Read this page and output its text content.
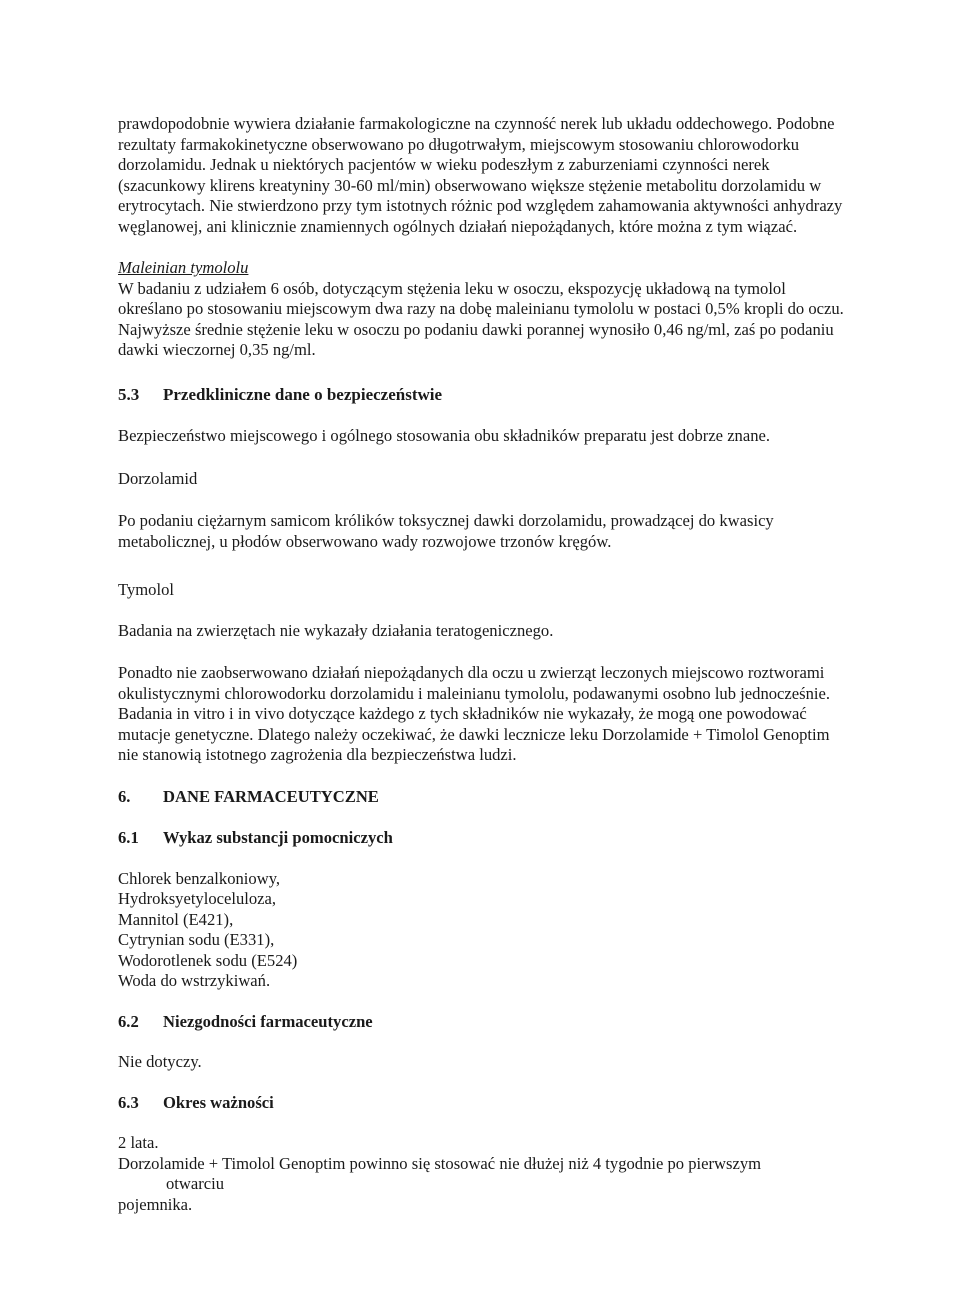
prawdopodobnie wywiera działanie farmakologiczne na czynność nerek lub układu oddechowego. Podobne rezultaty farmakokinetyczne obserwowano po długotrwałym, miejscowym stosowaniu chlorowodorku dorzolamidu. Jednak u niektórych pacjentów w wieku podeszłym z zaburzeniami czynności nerek (szacunkowy klirens kreatyniny 30-60 ml/min) obserwowano większe stężenie metabolitu dorzolamidu w erytrocytach. Nie stwierdzono przy tym istotnych różnic pod względem zahamowania aktywności anhydrazy węglanowej, ani klinicznie znamiennych ogólnych działań niepożądanych, które można z tym wiązać.

Maleinian tymololu

W badaniu z udziałem 6 osób, dotyczącym stężenia leku w osoczu, ekspozycję układową na tymolol określano po stosowaniu miejscowym dwa razy na dobę maleinianu tymololu w postaci 0,5% kropli do oczu. Najwyższe średnie stężenie leku w osoczu po podaniu dawki porannej wynosiło 0,46 ng/ml, zaś po podaniu dawki wieczornej 0,35 ng/ml.

5.3	Przedkliniczne dane o bezpieczeństwie

Bezpieczeństwo miejscowego i ogólnego stosowania obu składników preparatu jest dobrze znane.

Dorzolamid

Po podaniu ciężarnym samicom królików toksycznej dawki dorzolamidu, prowadzącej do kwasicy metabolicznej, u płodów obserwowano wady rozwojowe trzonów kręgów.

Tymolol

Badania na zwierzętach nie wykazały działania teratogenicznego.

Ponadto nie zaobserwowano działań niepożądanych dla oczu u zwierząt leczonych miejscowo roztworami okulistycznymi chlorowodorku dorzolamidu i maleinianu tymololu, podawanymi osobno lub jednocześnie. Badania in vitro i in vivo dotyczące każdego z tych składników nie wykazały, że mogą one powodować mutacje genetyczne. Dlatego należy oczekiwać, że dawki lecznicze leku Dorzolamide + Timolol Genoptim nie stanowią istotnego zagrożenia dla bezpieczeństwa ludzi.

6.	DANE FARMACEUTYCZNE
6.1	Wykaz substancji pomocniczych
Chlorek benzalkoniowy,
Hydroksyetyloceluloza,
Mannitol (E421),
Cytrynian sodu (E331),
Wodorotlenek sodu (E524)
Woda do wstrzykiwań.
6.2	Niezgodności farmaceutyczne

Nie dotyczy.

6.3	Okres ważności
2 lata.
Dorzolamide + Timolol Genoptim powinno się stosować nie dłużej niż 4 tygodnie po pierwszym
otwarciu
pojemnika.
